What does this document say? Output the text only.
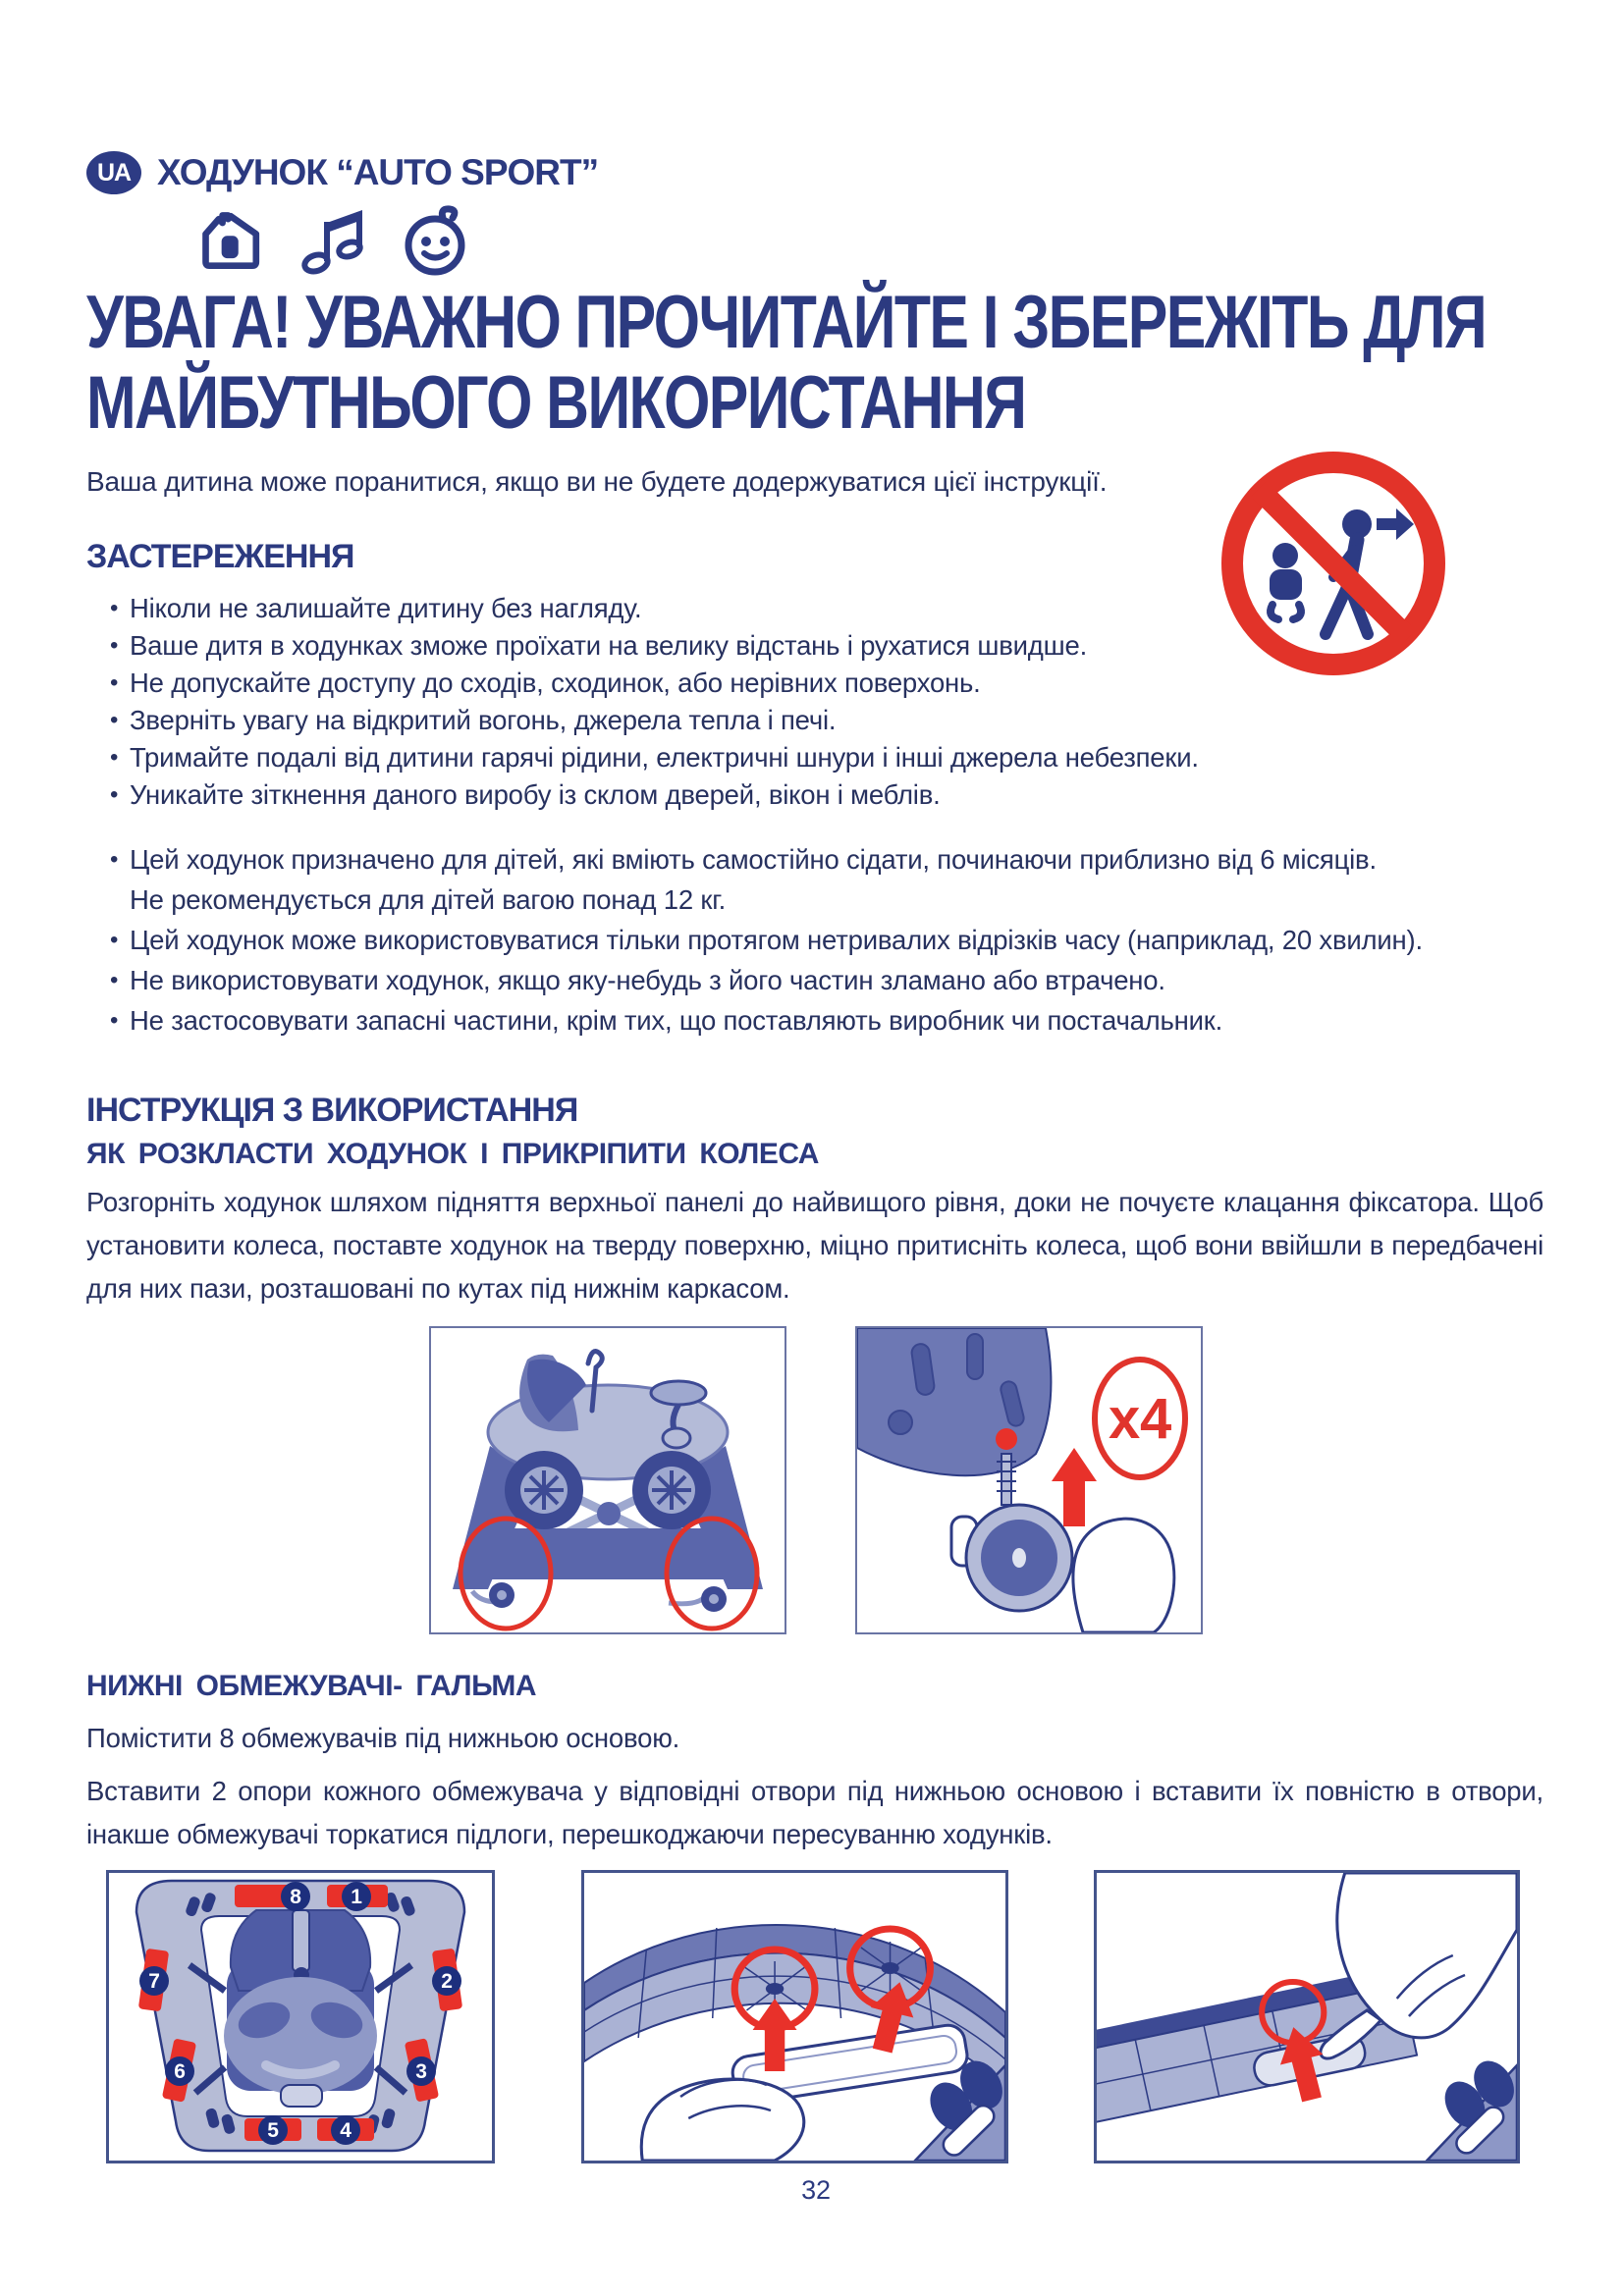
UA ХОДУНОК “AUTO SPORT”
УВАГА! УВАЖНО ПРОЧИТАЙТЕ І ЗБЕРЕЖІТЬ ДЛЯ
МАЙБУТНЬОГО ВИКОРИСТАННЯ

Ваша дитина може поранитися, якщо ви не будете додержуватися цієї інструкції.

ЗАСТЕРЕЖЕННЯ
• Ніколи не залишайте дитину без нагляду.
• Ваше дитя в ходунках зможе проїхати на велику відстань і рухатися швидше.
• Не допускайте доступу до сходів, сходинок, або нерівних поверхонь.
• Зверніть увагу на відкритий вогонь, джерела тепла і печі.
• Тримайте подалі від дитини гарячі рідини, електричні шнури і інші джерела небезпеки.
• Уникайте зіткнення даного виробу із склом дверей, вікон і меблів.
• Цей ходунок призначено для дітей, які вміють самостійно сідати, починаючи приблизно від 6 місяців.
Не рекомендується для дітей вагою понад 12 кг.
• Цей ходунок може використовуватися тільки протягом нетривалих відрізків часу (наприклад, 20 хвилин).
• Не використовувати ходунок, якщо яку-небудь з його частин зламано або втрачено.
• Не застосовувати запасні частини, крім тих, що поставляють виробник чи постачальник.
ІНСТРУКЦІЯ З ВИКОРИСТАННЯ
ЯК РОЗКЛАСТИ ХОДУНОК І ПРИКРІПИТИ КОЛЕСА

Розгорніть ходунок шляхом підняття верхньої панелі до найвищого рівня, доки не почуєте клацання фіксатора. Щоб установити колеса, поставте ходунок на тверду поверхню, міцно притисніть колеса, щоб вони ввійшли в передбачені для них пази, розташовані по кутах під нижнім каркасом.

x4
НИЖНІ ОБМЕЖУВАЧІ- ГАЛЬМА

Помістити 8 обмежувачів під нижньою основою.

Вставити 2 опори кожного обмежувача у відповідні отвори під нижньою основою і вставити їх повністю в отвори, інакше обмежувачі торкатися підлоги, перешкоджаючи пересуванню ходунків.

8 1
7	2
6	3
5	4
32
